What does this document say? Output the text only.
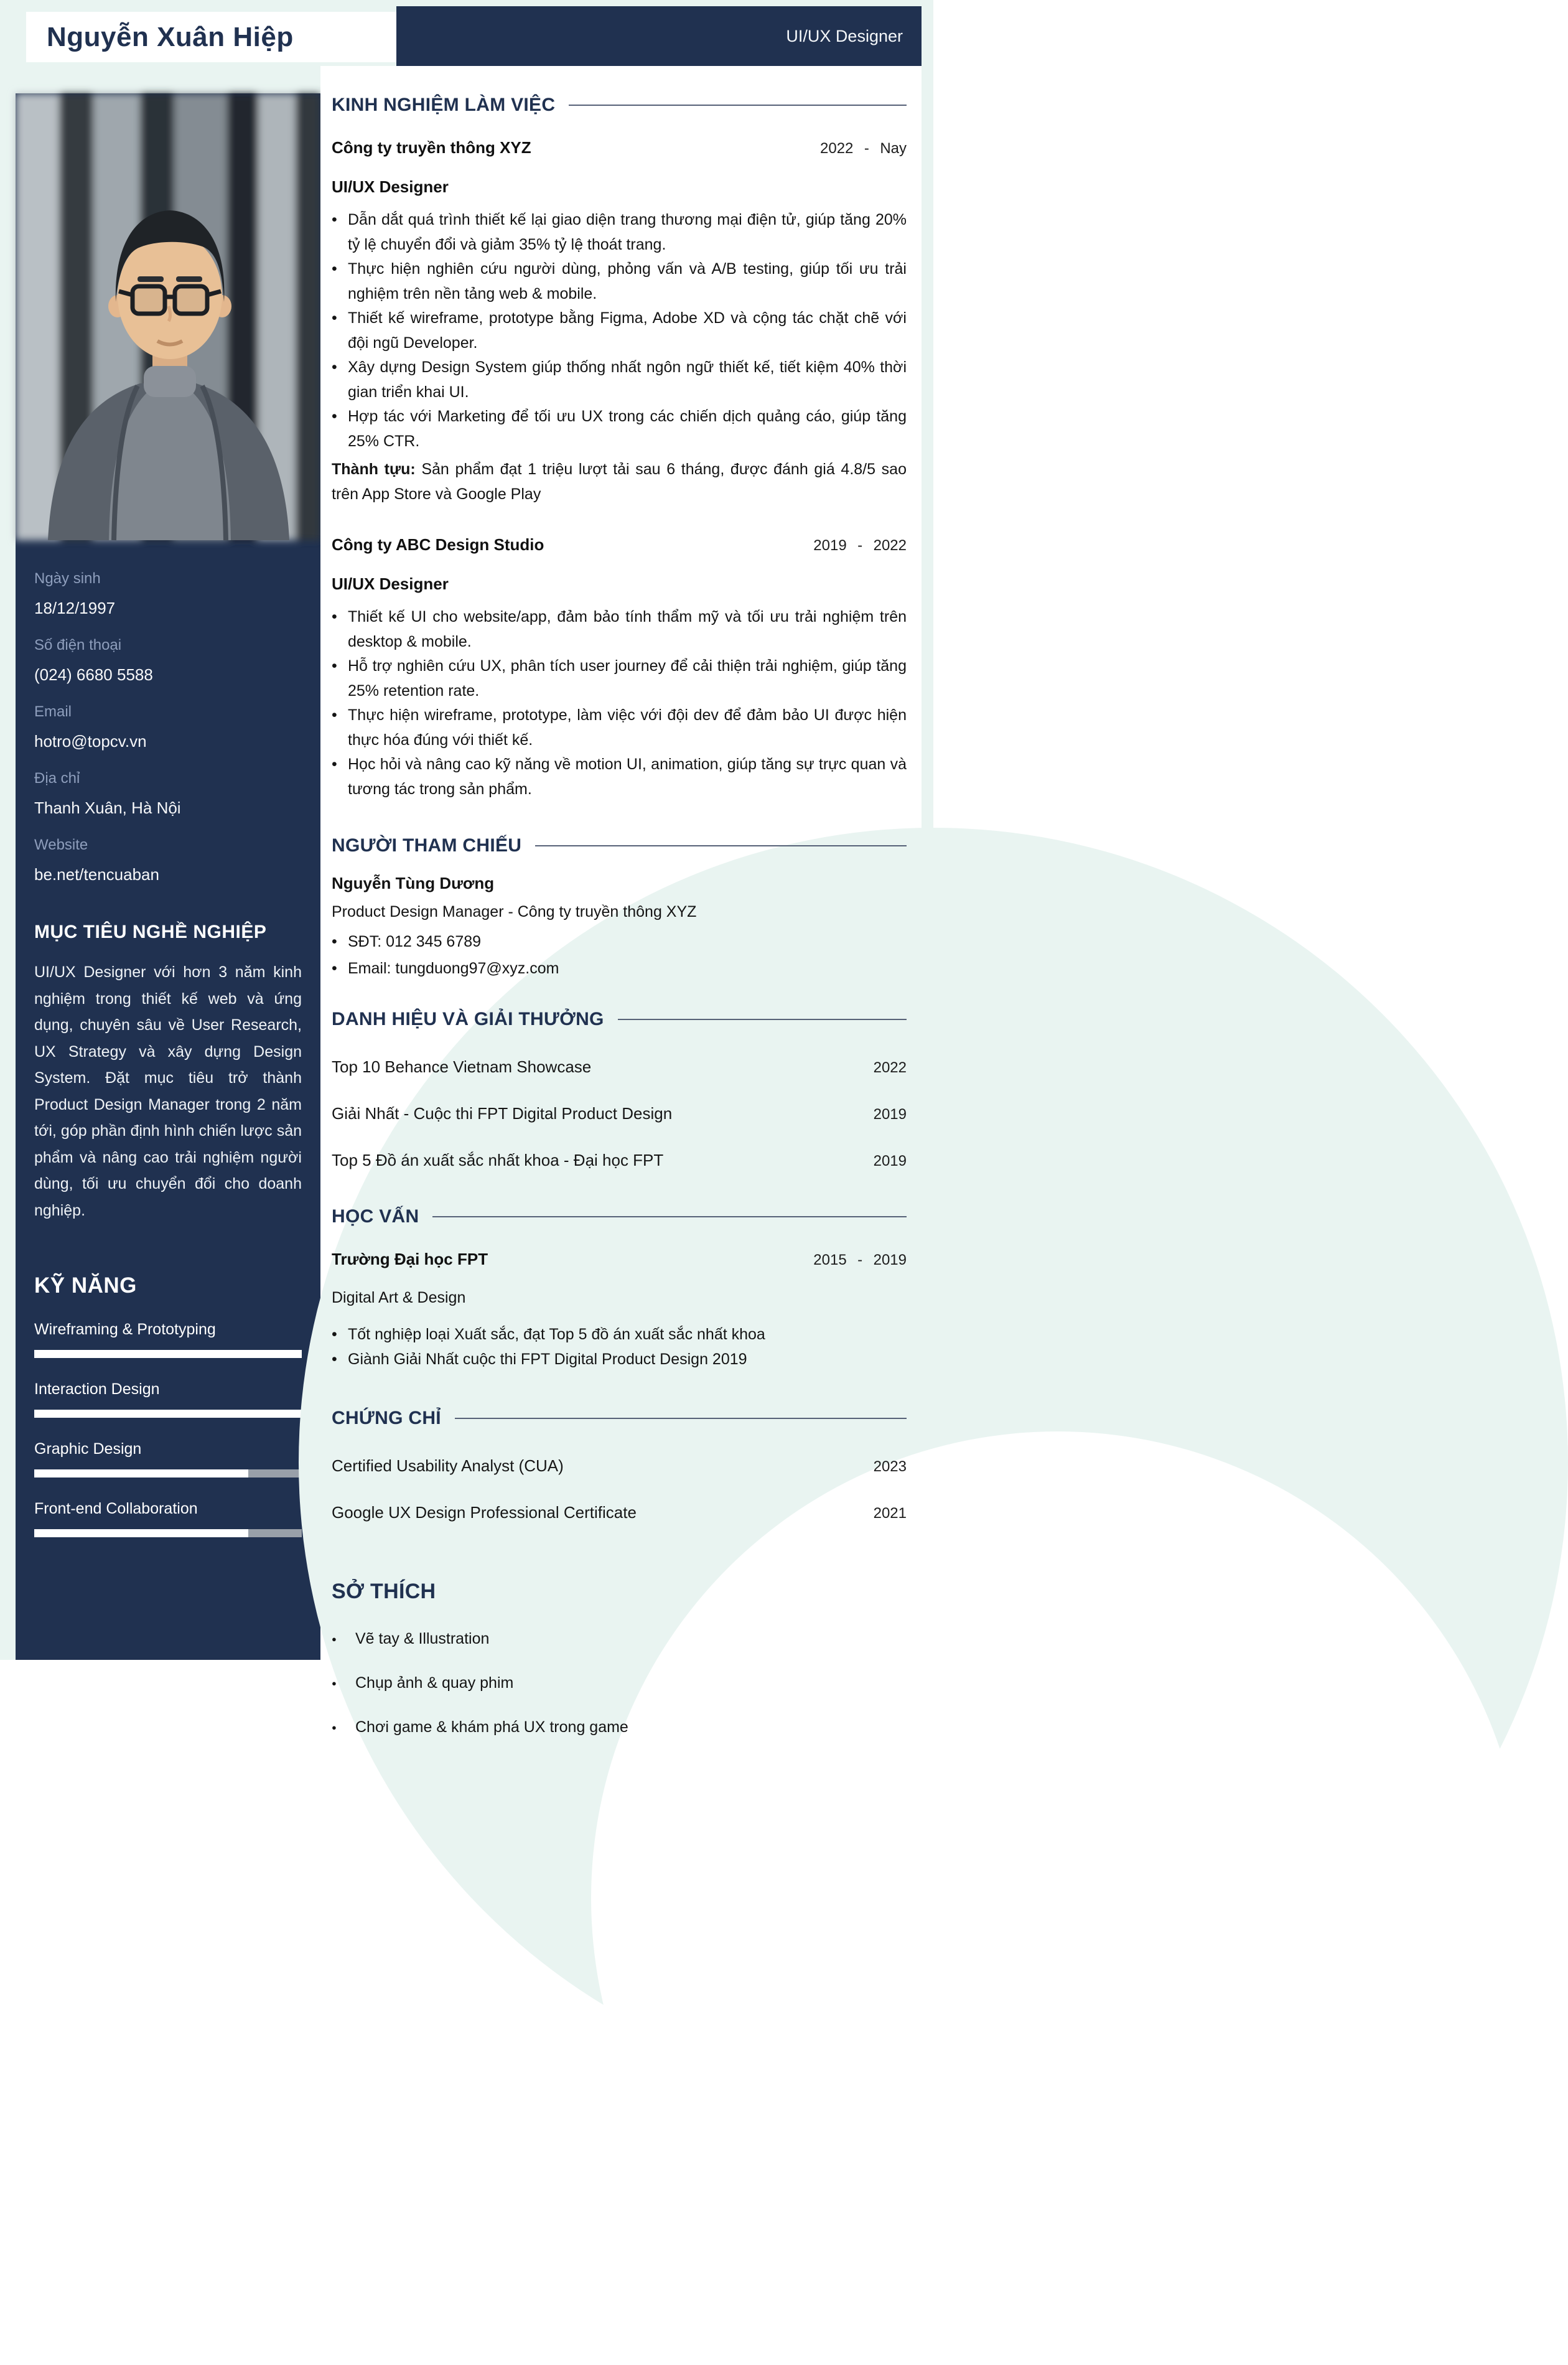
Nguyễn Xuân Hiệp	UI/UX Designer
Ngày sinh
18/12/1997
Số điện thoại
(024) 6680 5588
Email
hotro@topcv.vn
Địa chỉ
Thanh Xuân, Hà Nội
Website
be.net/tencuaban
MỤC TIÊU NGHỀ NGHIỆP

UI/UX Designer với hơn 3 năm kinh nghiệm trong thiết kế web và ứng dụng, chuyên sâu về User Research, UX Strategy và xây dựng Design System. Đặt mục tiêu trở thành Product Design Manager trong 2 năm tới, góp phần định hình chiến lược sản phẩm và nâng cao trải nghiệm người dùng, tối ưu chuyển đổi cho doanh nghiệp.

KỸ NĂNG
Wireframing & Prototyping
Interaction Design
Graphic Design
Front-end Collaboration
KINH NGHIỆM LÀM VIỆC
Công ty truyền thông XYZ	2022 - Nay
UI/UX Designer
• Dẫn dắt quá trình thiết kế lại giao diện trang thương mại điện tử, giúp tăng 20% tỷ lệ chuyển đổi và giảm 35% tỷ lệ thoát trang.
• Thực hiện nghiên cứu người dùng, phỏng vấn và A/B testing, giúp tối ưu trải nghiệm trên nền tảng web & mobile.
• Thiết kế wireframe, prototype bằng Figma, Adobe XD và cộng tác chặt chẽ với đội ngũ Developer.
• Xây dựng Design System giúp thống nhất ngôn ngữ thiết kế, tiết kiệm 40% thời gian triển khai UI.
• Hợp tác với Marketing để tối ưu UX trong các chiến dịch quảng cáo, giúp tăng 25% CTR.

Thành tựu: Sản phẩm đạt 1 triệu lượt tải sau 6 tháng, được đánh giá 4.8/5 sao trên App Store và Google Play

Công ty ABC Design Studio	2019 - 2022
UI/UX Designer
• Thiết kế UI cho website/app, đảm bảo tính thẩm mỹ và tối ưu trải nghiệm trên desktop & mobile.
• Hỗ trợ nghiên cứu UX, phân tích user journey để cải thiện trải nghiệm, giúp tăng 25% retention rate.
• Thực hiện wireframe, prototype, làm việc với đội dev để đảm bảo UI được hiện thực hóa đúng với thiết kế.
• Học hỏi và nâng cao kỹ năng về motion UI, animation, giúp tăng sự trực quan và tương tác trong sản phẩm.
NGƯỜI THAM CHIẾU
Nguyễn Tùng Dương
Product Design Manager - Công ty truyền thông XYZ
• SĐT: 012 345 6789
• Email: tungduong97@xyz.com
DANH HIỆU VÀ GIẢI THƯỞNG
Top 10 Behance Vietnam Showcase	2022
Giải Nhất - Cuộc thi FPT Digital Product Design	2019
Top 5 Đồ án xuất sắc nhất khoa - Đại học FPT	2019
HỌC VẤN
Trường Đại học FPT	2015 - 2019
Digital Art & Design
• Tốt nghiệp loại Xuất sắc, đạt Top 5 đồ án xuất sắc nhất khoa
• Giành Giải Nhất cuộc thi FPT Digital Product Design 2019
CHỨNG CHỈ
Certified Usability Analyst (CUA)	2023
Google UX Design Professional Certificate	2021
SỞ THÍCH
● Vẽ tay & Illustration
● Chụp ảnh & quay phim
● Chơi game & khám phá UX trong game
